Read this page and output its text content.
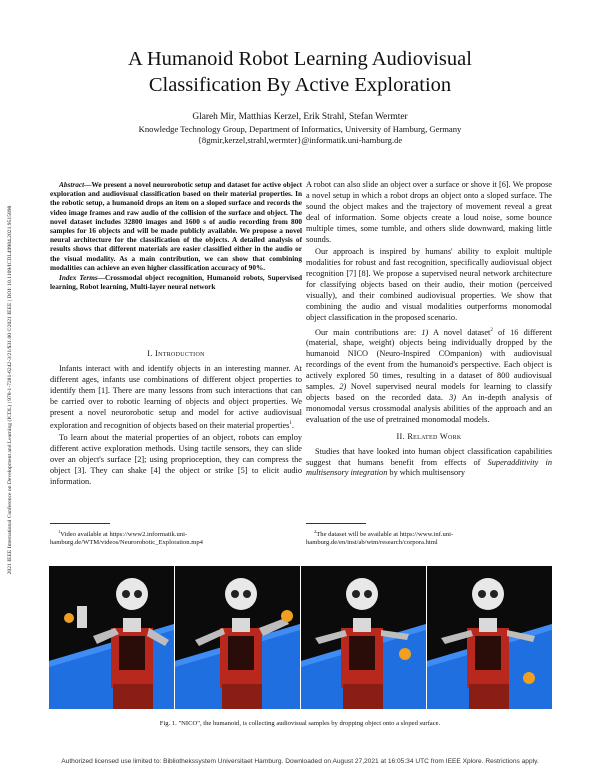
2021 IEEE International Conference on Development and Learning (ICDL) | 978-1-7281-6242-3/21/$31.00 ©2021 IEEE | DOI: 10.1109/ICDL49984.2021.9515898
A Humanoid Robot Learning Audiovisual
Classification By Active Exploration
Glareh Mir, Matthias Kerzel, Erik Strahl, Stefan Wermter
Knowledge Technology Group, Department of Informatics, University of Hamburg, Germany
{8gmir,kerzel,strahl,wermter}@informatik.uni-hamburg.de

Abstract—We present a novel neurorobotic setup and dataset for active object exploration and audiovisual classification based on their material properties. In the robotic setup, a humanoid drops an item on a sloped surface and records the video image frames and raw audio of the collision of the surface and object. The novel dataset includes 32800 images and 1600 s of audio recording from 800 samples for 16 objects and will be made publicly available. We propose a novel neural architecture for the classification of the objects. A detailed analysis of results shows that different materials are easier classified either in the audio or the visual modality. As a main contribution, we can show that combining modalities can achieve an even higher classification accuracy of 90%.

Index Terms—Crossmodal object recognition, Humanoid robots, Supervised learning, Robot learning, Multi-layer neural network

I. Introduction

Infants interact with and identify objects in an interesting manner. At different ages, infants use combinations of different object properties to identify them [1]. There are many lessons from such interactions that can be carried over to robotic learning of objects and object properties. We present a novel neurorobotic setup and model for active audiovisual exploration and recognition of objects based on their material properties$^1$.

To learn about the material properties of an object, robots can employ different active exploration methods. Using tactile sensors, they can slide over an object's surface [2]; using proprioception, they can compress the object [3]. They can shake [4] the object or strike [5] to elicit audio information.

$^1$Video available at https://www2.informatik.uni-hamburg.de/WTM/videos/Neurorobotic_Exploration.mp4

A robot can also slide an object over a surface or shove it [6]. We propose a novel setup in which a robot drops an object onto a sloped surface. The sound the object makes and the trajectory of movement reveal a great deal of information. Some objects create a loud noise, some bounce multiple times, some tumble, and others slide downward, making little sounds.

Our approach is inspired by humans' ability to exploit multiple modalities for robust and fast recognition, specifically audiovisual object recognition [7] [8]. We propose a supervised neural network architecture for classifying objects based on their audio, their motion (perceived visually), and their combined audiovisual properties. We show that combining the audio and visual modalities outperforms monomodal object classification in the proposed scenario.

Our main contributions are: 1) A novel dataset$^2$ of 16 different (material, shape, weight) objects being individually dropped by the humanoid NICO (Neuro-Inspired COmpanion) with audiovisual recordings of the event from the humanoid's perspective. Each object is actively explored 50 times, resulting in a dataset of 800 audiovisual samples. 2) Novel supervised neural models for learning to classify objects based on the recorded data. 3) An in-depth analysis of monomodal versus crossmodal analysis abilities of the approach and an evaluation of the use of pretrained monomodal models.

II. Related Work

Studies that have looked into human object classification capabilities suggest that humans benefit from effects of Superadditivity in multisensory integration by which multisensory

$^2$The dataset will be available at https://www.inf.uni-hamburg.de/en/inst/ab/wtm/research/corpora.html
Fig. 1. "NICO", the humanoid, is collecting audiovisual samples by dropping object onto a sloped surface.
Authorized licensed use limited to: Bibliothekssystem Universitaet Hamburg. Downloaded on August 27,2021 at 16:05:34 UTC from IEEE Xplore. Restrictions apply.
